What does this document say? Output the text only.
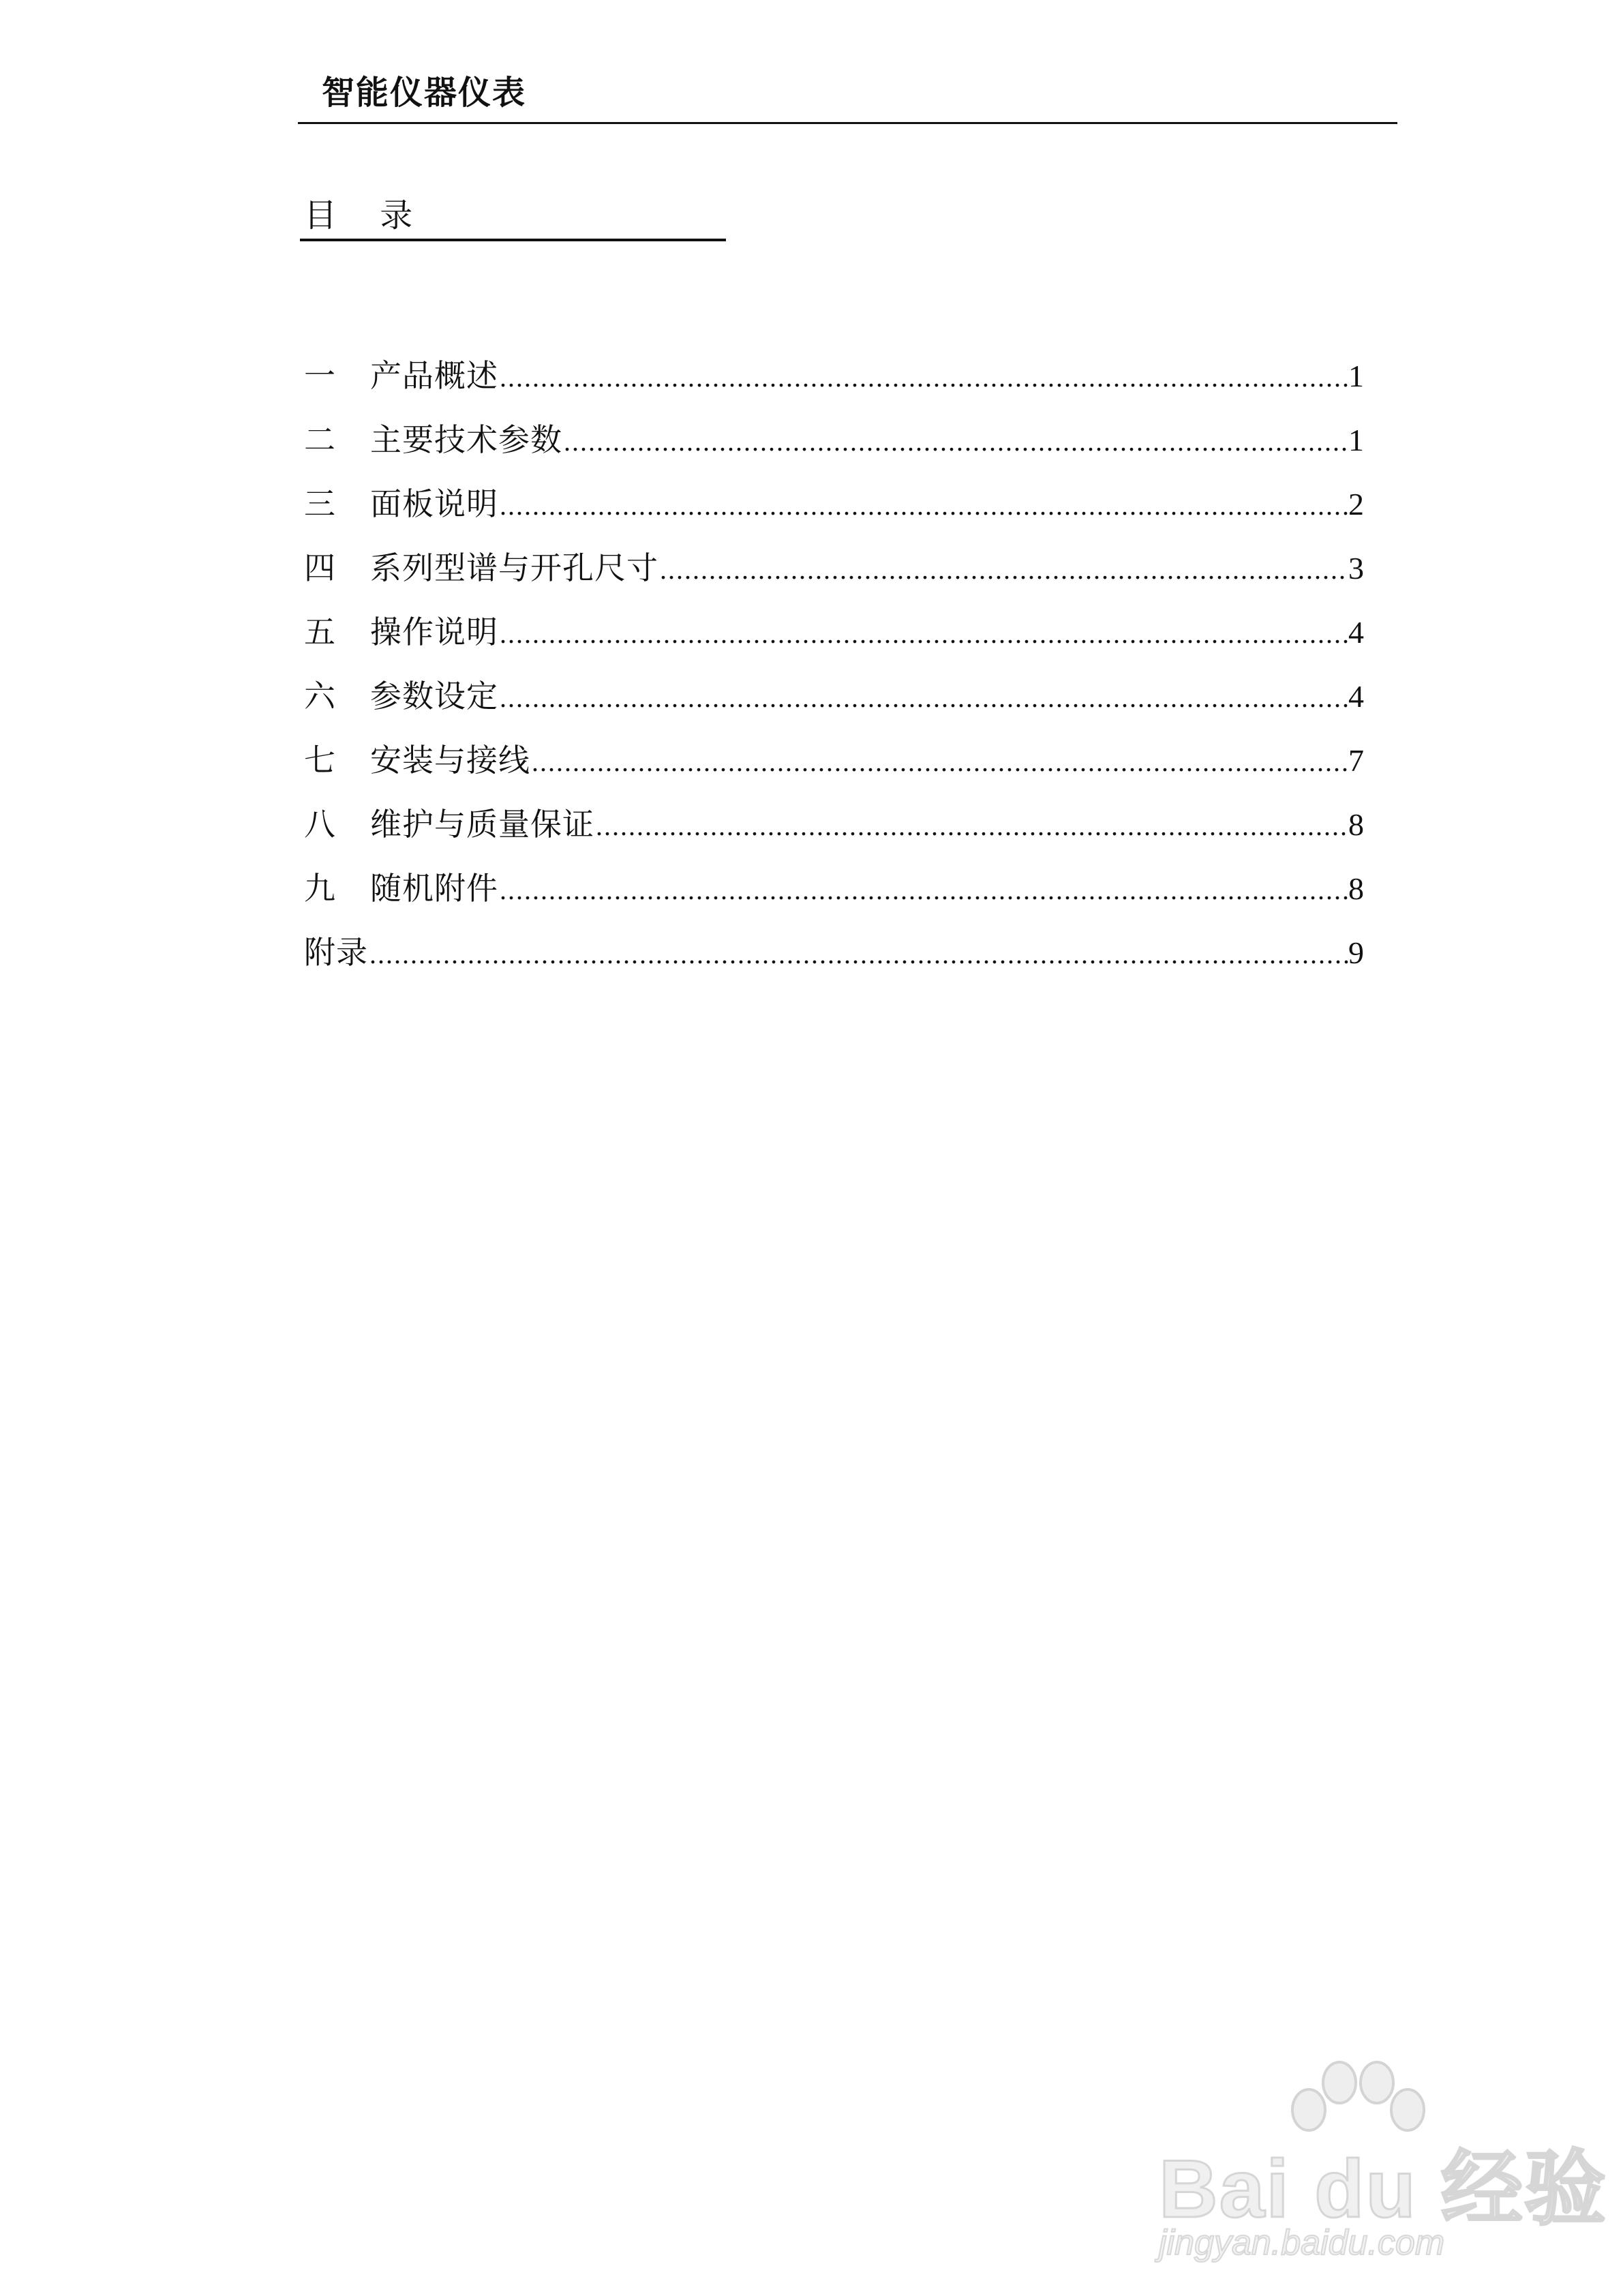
智能仪器仪表
目　 录
一	产品概述 .....	1
二	主要技术参数 .....	1
三	面板说明 .....	2
四	系列型谱与开孔尺寸 .....	3
五	操作说明 .....	4
六	参数设定 .....	4
七	安装与接线 .....	7
八	维护与质量保证 .....	8
九	随机附件 .....	8
附录 .....	9
Bai du 经验
jingyan.baidu.com
